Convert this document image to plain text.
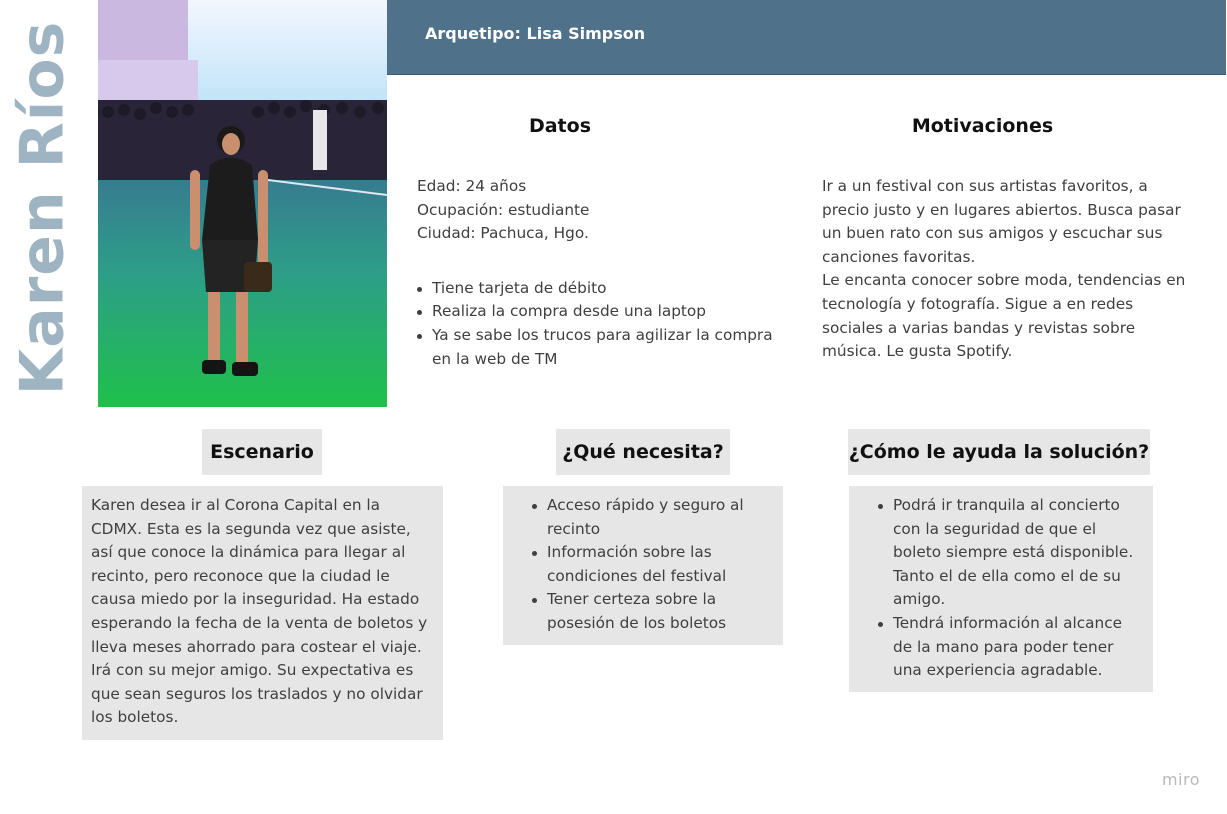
Karen Ríos	Arquetipo: Lisa Simpson
Datos

Edad: 24 años

Ocupación: estudiante

Ciudad: Pachuca, Hgo.

Tiene tarjeta de débito
Realiza la compra desde una laptop
Ya se sabe los trucos para agilizar la compra en la web de TM
Motivaciones

Ir a un festival con sus artistas favoritos, a precio justo y en lugares abiertos. Busca pasar un buen rato con sus amigos y escuchar sus canciones favoritas.

Le encanta conocer sobre moda, tendencias en tecnología y fotografía. Sigue a en redes sociales a varias bandas y revistas sobre música. Le gusta Spotify.

Escenario

Karen desea ir al Corona Capital en la CDMX. Esta es la segunda vez que asiste, así que conoce la dinámica para llegar al recinto, pero reconoce que la ciudad le causa miedo por la inseguridad. Ha estado esperando la fecha de la venta de boletos y lleva meses ahorrado para costear el viaje. Irá con su mejor amigo. Su expectativa es que sean seguros los traslados y no olvidar los boletos.

¿Qué necesita?
Acceso rápido y seguro al recinto
Información sobre las condiciones del festival
Tener certeza sobre la posesión de los boletos
¿Cómo le ayuda la solución?
Podrá ir tranquila al concierto con la seguridad de que el boleto siempre está disponible. Tanto el de ella como el de su amigo.
Tendrá información al alcance de la mano para poder tener una experiencia agradable.
miro
